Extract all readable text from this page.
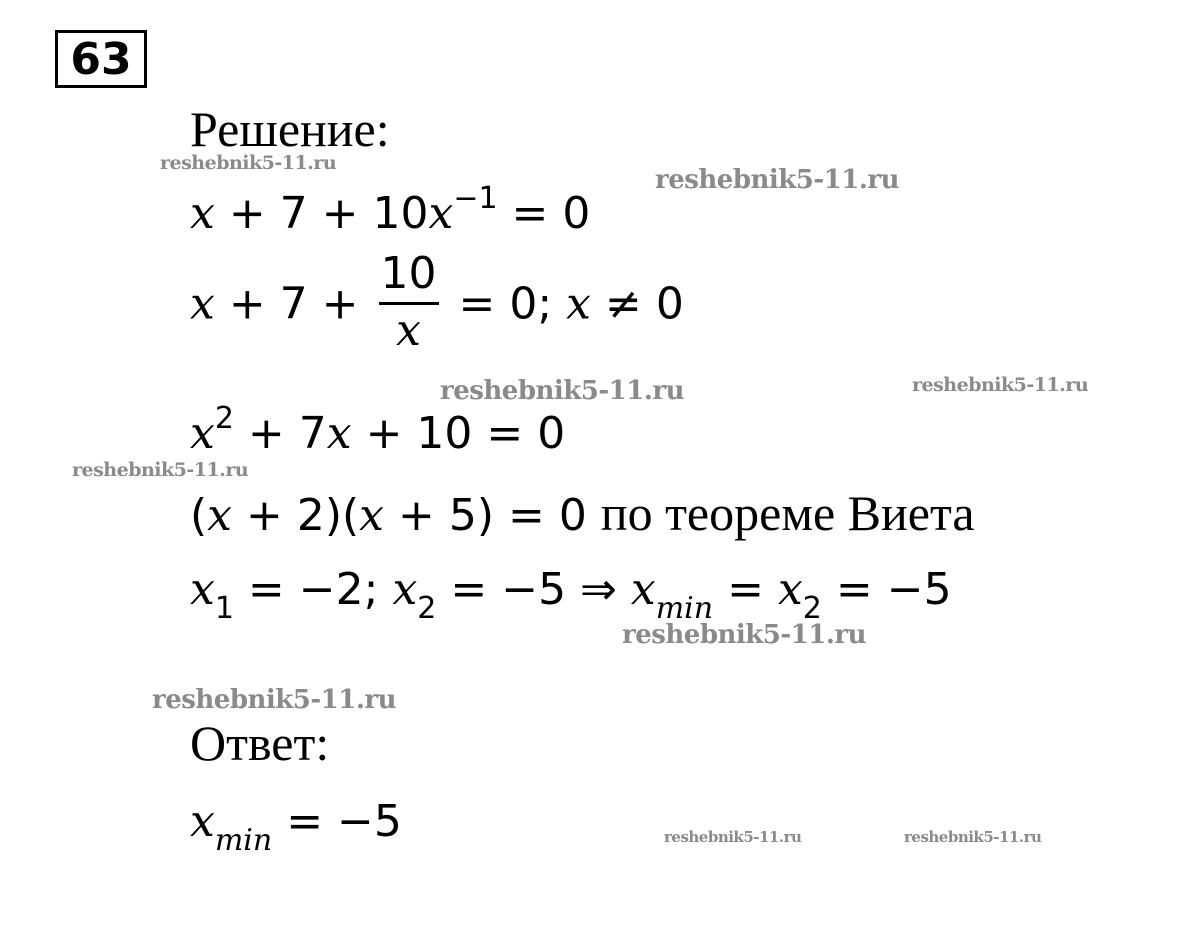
63
Решение:
$x + 7 + 10x^{-1} = 0$
$x + 7 + \frac{10}{x} = 0$; x ≠ 0
$x^2 + 7x + 10 = 0$
(x + 2)(x + 5) = 0 по теореме Виета
$x_1 = -2$; $x_2 = -5$ ⇒ $x_{min} = x_2 = -5$
Ответ:
$x_{min} = -5$
reshebnik5-11.ru
reshebnik5-11.ru
reshebnik5-11.ru	reshebnik5-11.ru
reshebnik5-11.ru
reshebnik5-11.ru
reshebnik5-11.ru
reshebnik5-11.ru	reshebnik5-11.ru
